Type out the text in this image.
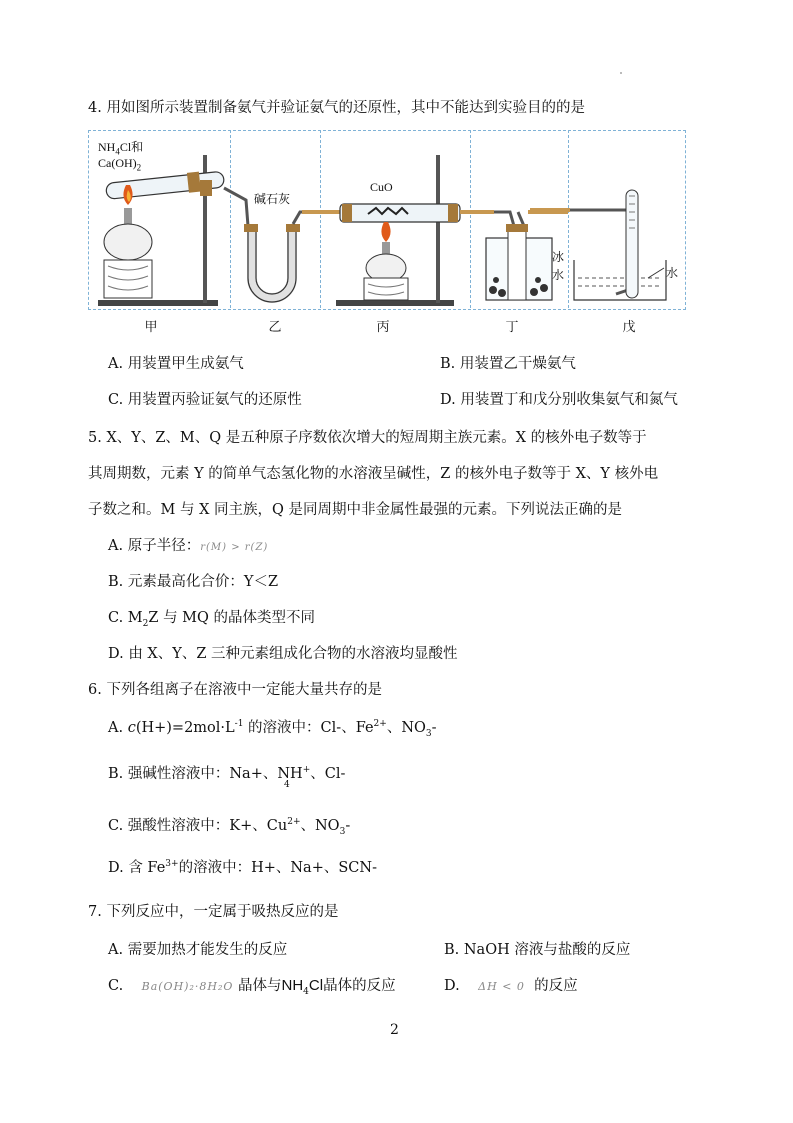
4. 用如图所示装置制备氨气并验证氨气的还原性，其中不能达到实验目的的是
$NH_4Cl$和
$Ca(OH)_2$
碱石灰
CuO
冰
水	水
甲	乙	丙	丁	戊
A. 用装置甲生成氨气	B. 用装置乙干燥氨气
C. 用装置丙验证氨气的还原性	D. 用装置丁和戊分别收集氨气和氮气
5. X、Y、Z、M、Q 是五种原子序数依次增大的短周期主族元素。X 的核外电子数等于
其周期数，元素 Y 的简单气态氢化物的水溶液呈碱性，Z 的核外电子数等于 X、Y 核外电
子数之和。M 与 X 同主族，Q 是同周期中非金属性最强的元素。下列说法正确的是
A. 原子半径：r(M) > r(Z)
B. 元素最高化合价：Y＜Z
C. $M_2Z$ 与 MQ 的晶体类型不同
D. 由 X、Y、Z 三种元素组成化合物的水溶液均显酸性
6. 下列各组离子在溶液中一定能大量共存的是
A. $c(H+)=2mol\cdot L^{-1}$ 的溶液中：Cl-、$Fe^{2+}$、$NO_3-$
B. 强碱性溶液中：Na+、NH+、Cl-
4
C. 强酸性溶液中：K+、$Cu^{2+}$、$NO_3-$
D. 含 $Fe^{3+}$的溶液中：H+、Na+、SCN-
7. 下列反应中，一定属于吸热反应的是
A. 需要加热才能发生的反应	B. NaOH 溶液与盐酸的反应
C. Ba(OH)₂·8H₂O 晶体与$NH_4Cl$晶体的反应	D. ΔH < 0 的反应
2
